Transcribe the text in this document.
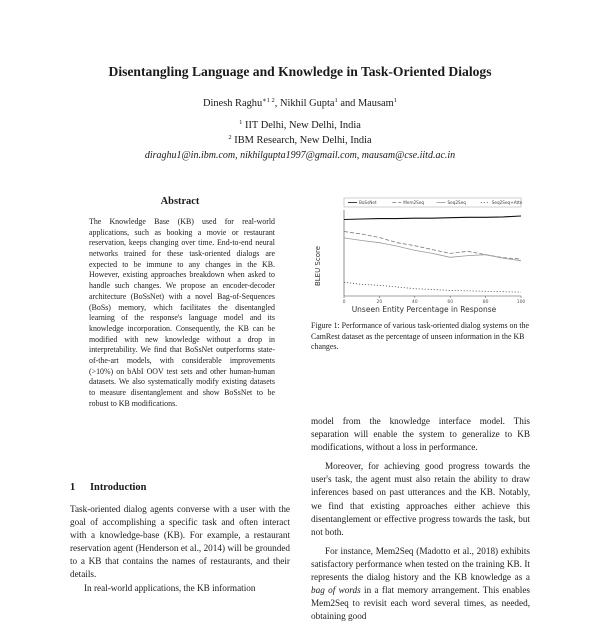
Disentangling Language and Knowledge in Task-Oriented Dialogs
Dinesh Raghu$^{∗1 2}$, Nikhil Gupta$^1$ and Mausam$^1$
$^1$ IIT Delhi, New Delhi, India
$^2$ IBM Research, New Delhi, India
diraghu1@in.ibm.com, nikhilgupta1997@gmail.com, mausam@cse.iitd.ac.in
Abstract

The Knowledge Base (KB) used for real-world applications, such as booking a movie or restaurant reservation, keeps changing over time. End-to-end neural networks trained for these task-oriented dialogs are expected to be immune to any changes in the KB. However, existing approaches breakdown when asked to handle such changes. We propose an encoder-decoder architecture (BoSsNet) with a novel Bag-of-Sequences (BoSs) memory, which facilitates the disentangled learning of the response's language model and its knowledge incorporation. Consequently, the KB can be modified with new knowledge without a drop in interpretability. We find that BoSsNet outperforms state-of-the-art models, with considerable improvements (>10%) on bAbI OOV test sets and other human-human datasets. We also systematically modify existing datasets to measure disentanglement and show BoSsNet to be robust to KB modifications.

1 Introduction

Task-oriented dialog agents converse with a user with the goal of accomplishing a specific task and often interact with a knowledge-base (KB). For example, a restaurant reservation agent (Henderson et al., 2014) will be grounded to a KB that contains the names of restaurants, and their details.

In real-world applications, the KB information

BoSsNet	Mem2Seq	Seq2Seq	Seq2Seq+Attn
0	20	40	60	80	100
BLEU Score
Unseen Entity Percentage in Response
Figure 1: Performance of various task-oriented dialog systems on the CamRest dataset as the percentage of unseen information in the KB changes.

model from the knowledge interface model. This separation will enable the system to generalize to KB modifications, without a loss in performance.

Moreover, for achieving good progress towards the user's task, the agent must also retain the ability to draw inferences based on past utterances and the KB. Notably, we find that existing approaches either achieve this disentanglement or effective progress towards the task, but not both.

For instance, Mem2Seq (Madotto et al., 2018) exhibits satisfactory performance when tested on the training KB. It represents the dialog history and the KB knowledge as a bag of words in a flat memory arrangement. This enables Mem2Seq to revisit each word several times, as needed, obtaining good
